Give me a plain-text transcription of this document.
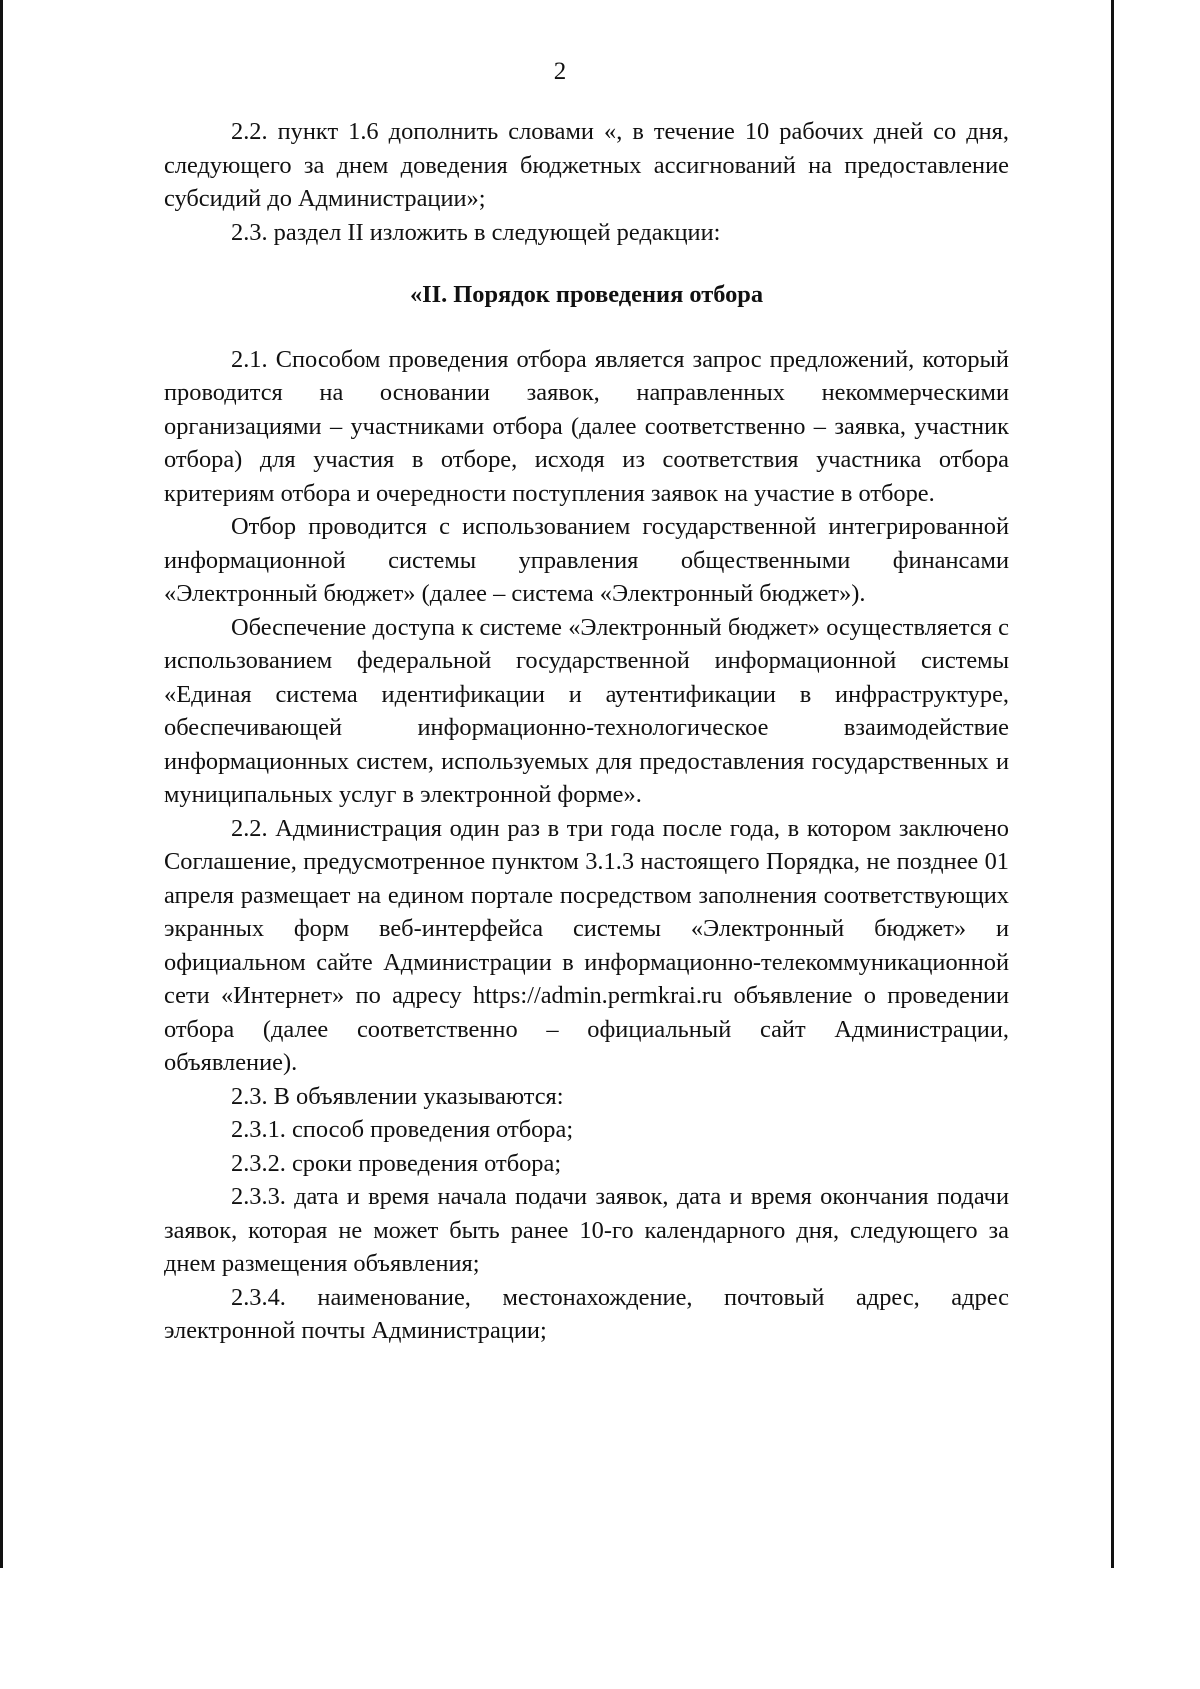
2

2.2. пункт 1.6 дополнить словами «, в течение 10 рабочих дней со дня, следующего за днем доведения бюджетных ассигнований на предоставление субсидий до Администрации»;

2.3. раздел II изложить в следующей редакции:

«II. Порядок проведения отбора

2.1. Способом проведения отбора является запрос предложений, который проводится на основании заявок, направленных некоммерческими организациями – участниками отбора (далее соответственно – заявка, участник отбора) для участия в отборе, исходя из соответствия участника отбора критериям отбора и очередности поступления заявок на участие в отборе.

Отбор проводится с использованием государственной интегрированной информационной системы управления общественными финансами «Электронный бюджет» (далее – система «Электронный бюджет»).

Обеспечение доступа к системе «Электронный бюджет» осуществляется с использованием федеральной государственной информационной системы «Единая система идентификации и аутентификации в инфраструктуре, обеспечивающей информационно-технологическое взаимодействие информационных систем, используемых для предоставления государственных и муниципальных услуг в электронной форме».

2.2. Администрация один раз в три года после года, в котором заключено Соглашение, предусмотренное пунктом 3.1.3 настоящего Порядка, не позднее 01 апреля размещает на едином портале посредством заполнения соответствующих экранных форм веб-интерфейса системы «Электронный бюджет» и официальном сайте Администрации в информационно-телекоммуникационной сети «Интернет» по адресу https://admin.permkrai.ru объявление о проведении отбора (далее соответственно – официальный сайт Администрации, объявление).

2.3. В объявлении указываются:

2.3.1. способ проведения отбора;

2.3.2. сроки проведения отбора;

2.3.3. дата и время начала подачи заявок, дата и время окончания подачи заявок, которая не может быть ранее 10-го календарного дня, следующего за днем размещения объявления;

2.3.4. наименование, местонахождение, почтовый адрес, адрес электронной почты Администрации;
